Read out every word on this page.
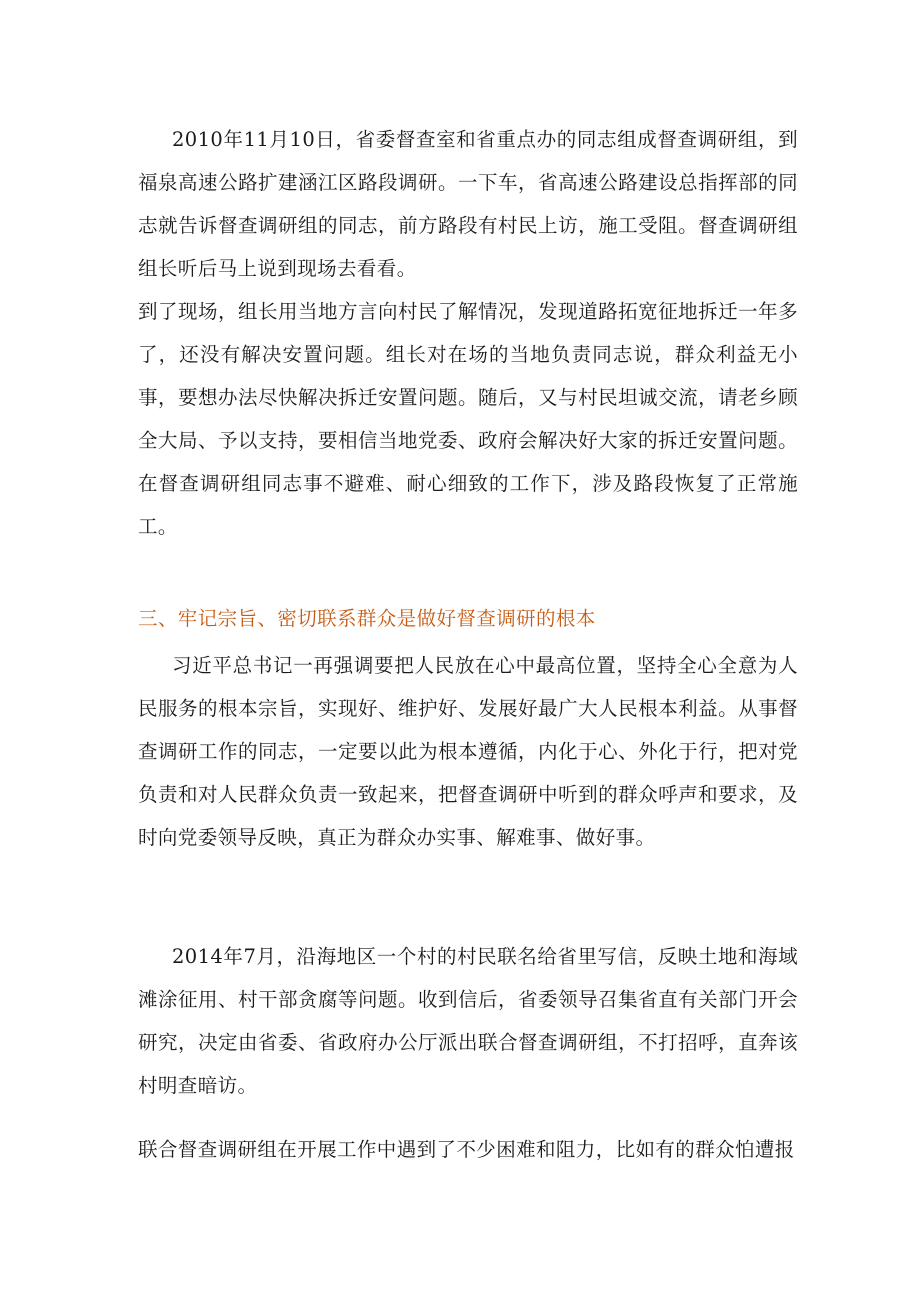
2010年11月10日，省委督查室和省重点办的同志组成督查调研组，到福泉高速公路扩建涵江区路段调研。一下车，省高速公路建设总指挥部的同志就告诉督查调研组的同志，前方路段有村民上访，施工受阻。督查调研组组长听后马上说到现场去看看。

到了现场，组长用当地方言向村民了解情况，发现道路拓宽征地拆迁一年多了，还没有解决安置问题。组长对在场的当地负责同志说，群众利益无小事，要想办法尽快解决拆迁安置问题。随后，又与村民坦诚交流，请老乡顾全大局、予以支持，要相信当地党委、政府会解决好大家的拆迁安置问题。在督查调研组同志事不避难、耐心细致的工作下，涉及路段恢复了正常施工。

三、牢记宗旨、密切联系群众是做好督查调研的根本

习近平总书记一再强调要把人民放在心中最高位置，坚持全心全意为人民服务的根本宗旨，实现好、维护好、发展好最广大人民根本利益。从事督查调研工作的同志，一定要以此为根本遵循，内化于心、外化于行，把对党负责和对人民群众负责一致起来，把督查调研中听到的群众呼声和要求，及时向党委领导反映，真正为群众办实事、解难事、做好事。

2014年7月，沿海地区一个村的村民联名给省里写信，反映土地和海域滩涂征用、村干部贪腐等问题。收到信后，省委领导召集省直有关部门开会研究，决定由省委、省政府办公厅派出联合督查调研组，不打招呼，直奔该村明查暗访。

联合督查调研组在开展工作中遇到了不少困难和阻力，比如有的群众怕遭报
